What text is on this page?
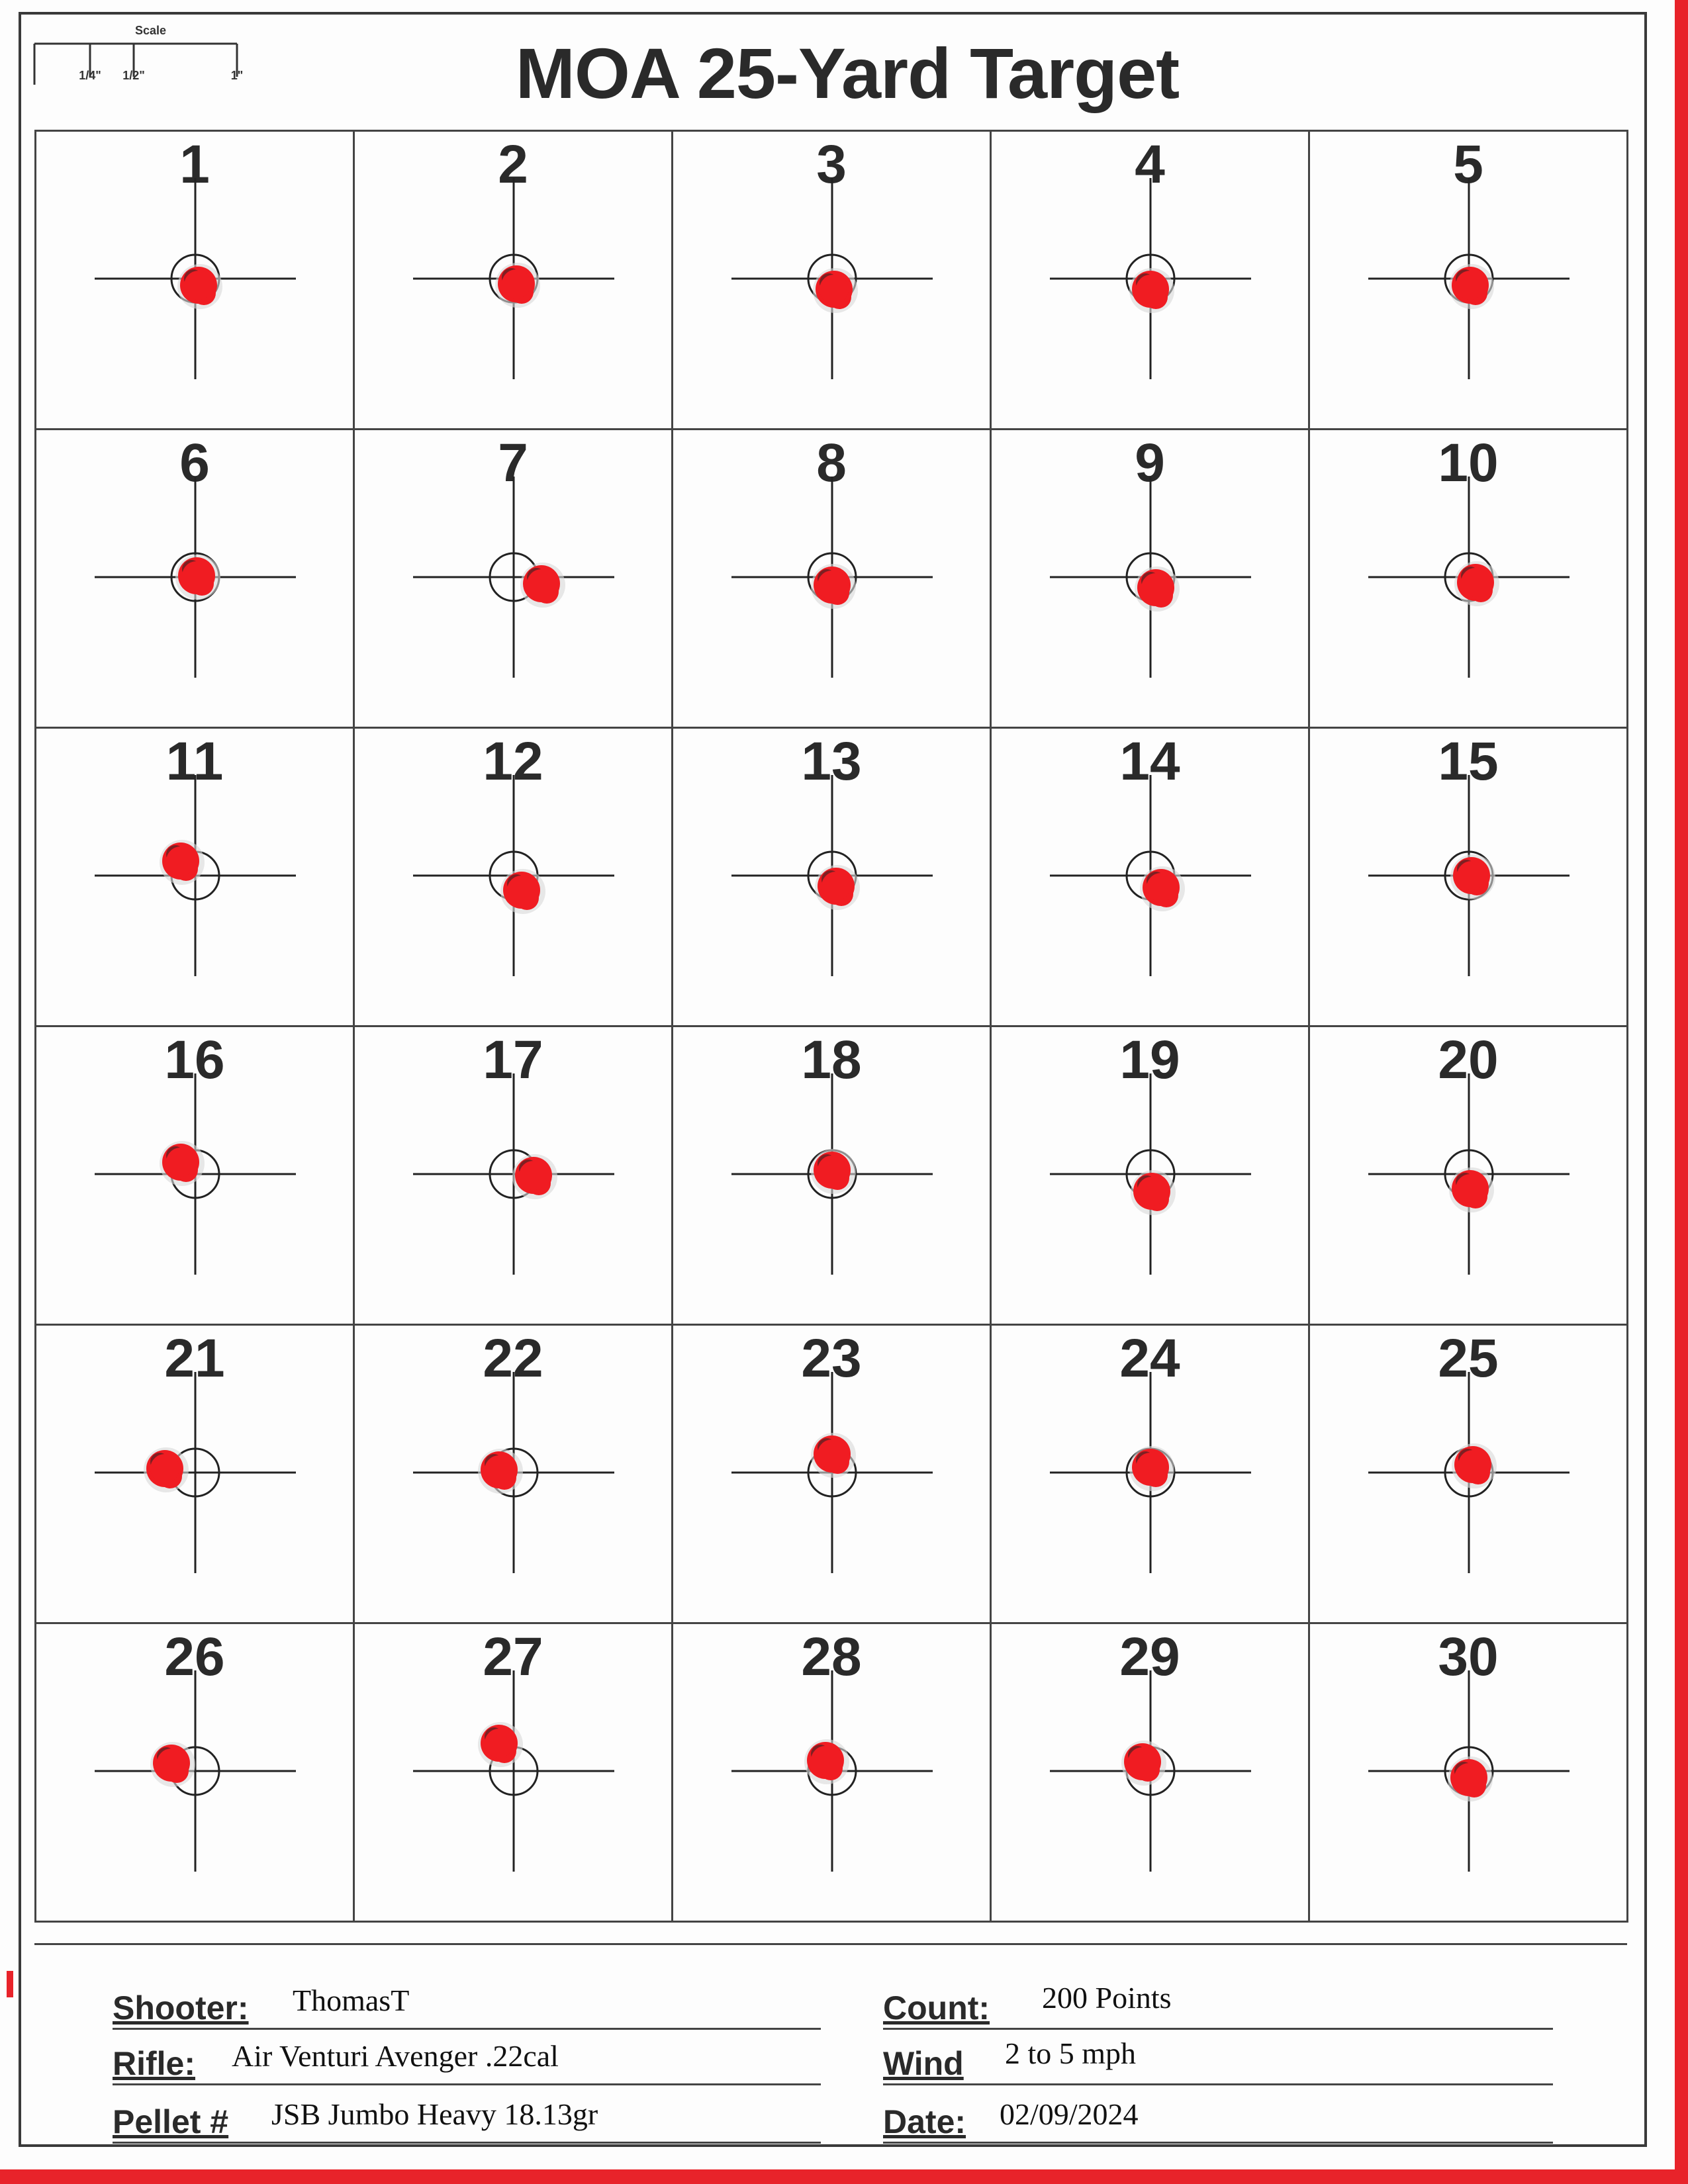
Scale
1/4" 1/2"	1"	MOA 25-Yard Target
1	2	3	4	5
6	7	8	9	10
11	12	13	14	15
16	17	18	19	20
21	22	23	24	25
26	27	28	29	30
Shooter: ThomasT
Rifle: Air Venturi Avenger .22cal
Pellet # JSB Jumbo Heavy 18.13gr
Count: 200 Points
Wind 2 to 5 mph
Date: 02/09/2024
